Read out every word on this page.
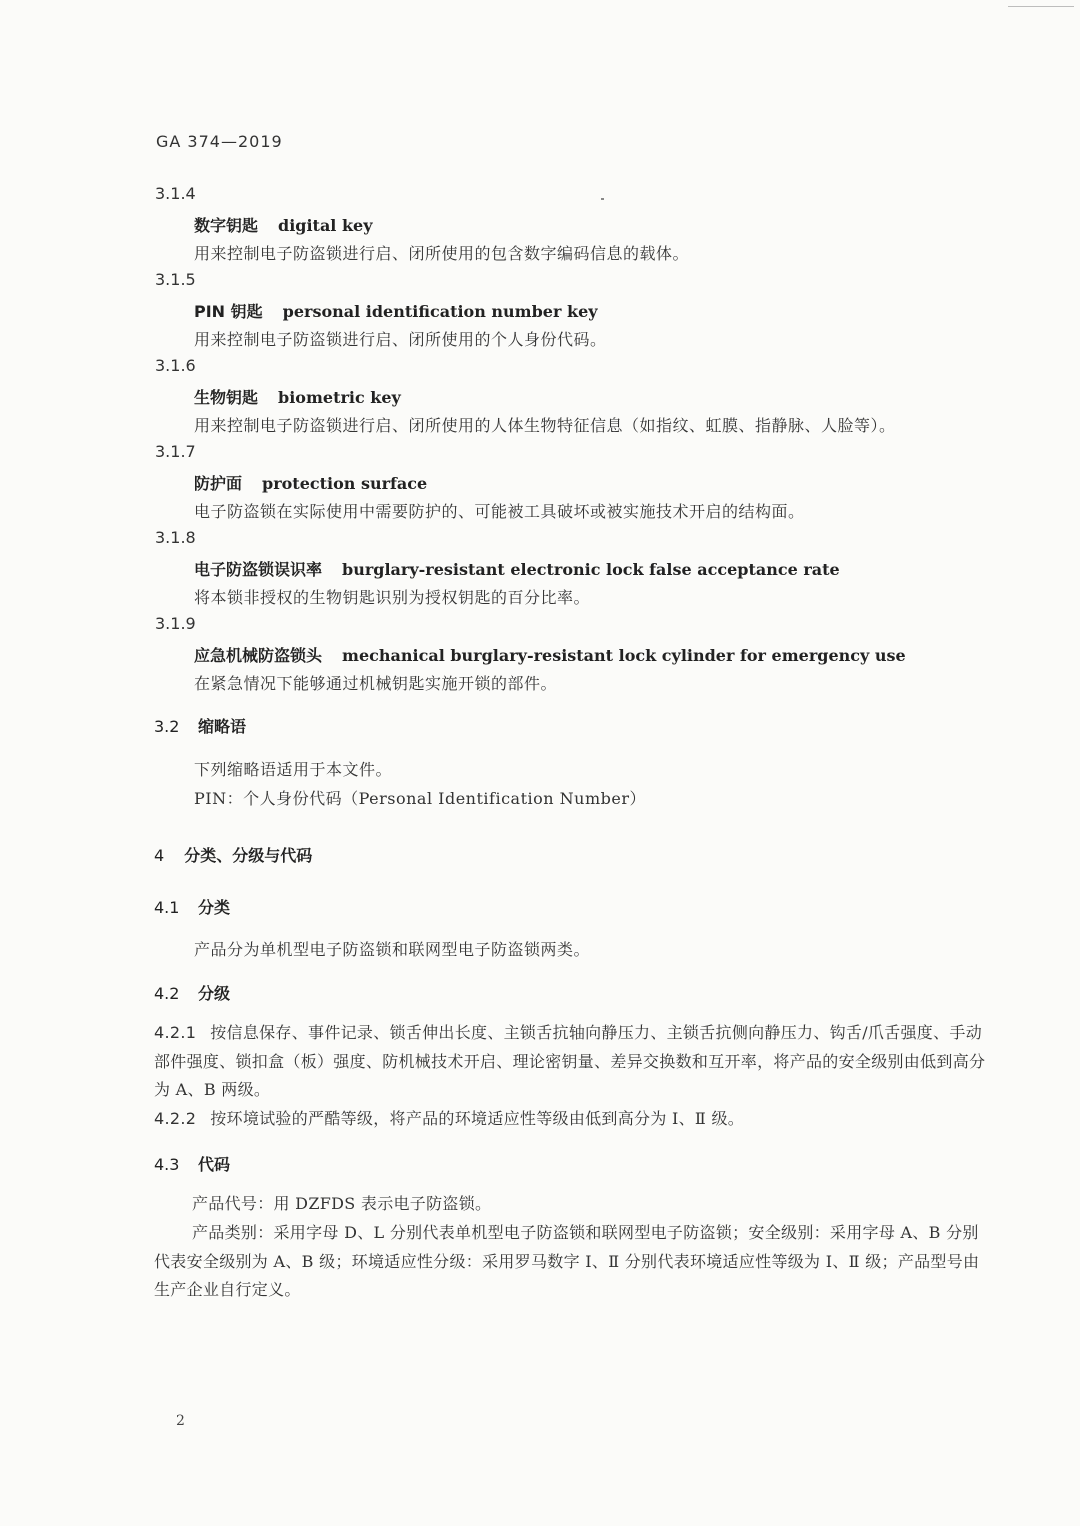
GA 374—2019
3.1.4
数字钥匙 digital key
用来控制电子防盗锁进行启、闭所使用的包含数字编码信息的载体。
3.1.5
PIN 钥匙 personal identification number key
用来控制电子防盗锁进行启、闭所使用的个人身份代码。
3.1.6
生物钥匙 biometric key
用来控制电子防盗锁进行启、闭所使用的人体生物特征信息（如指纹、虹膜、指静脉、人脸等）。
3.1.7
防护面 protection surface
电子防盗锁在实际使用中需要防护的、可能被工具破坏或被实施技术开启的结构面。
3.1.8
电子防盗锁误识率 burglary-resistant electronic lock false acceptance rate
将本锁非授权的生物钥匙识别为授权钥匙的百分比率。
3.1.9
应急机械防盗锁头 mechanical burglary-resistant lock cylinder for emergency use
在紧急情况下能够通过机械钥匙实施开锁的部件。
3.2 缩略语
下列缩略语适用于本文件。
PIN：个人身份代码（Personal Identification Number）
4 分类、分级与代码
4.1 分类
产品分为单机型电子防盗锁和联网型电子防盗锁两类。
4.2 分级
4.2.1 按信息保存、事件记录、锁舌伸出长度、主锁舌抗轴向静压力、主锁舌抗侧向静压力、钩舌/爪舌强度、手动部件强度、锁扣盒（板）强度、防机械技术开启、理论密钥量、差异交换数和互开率，将产品的安全级别由低到高分为 A、B 两级。
4.2.2 按环境试验的严酷等级，将产品的环境适应性等级由低到高分为 Ⅰ、Ⅱ 级。
4.3 代码
产品代号：用 DZFDS 表示电子防盗锁。
产品类别：采用字母 D、L 分别代表单机型电子防盗锁和联网型电子防盗锁；安全级别：采用字母 A、B 分别代表安全级别为 A、B 级；环境适应性分级：采用罗马数字 Ⅰ、Ⅱ 分别代表环境适应性等级为 Ⅰ、Ⅱ 级；产品型号由生产企业自行定义。
2
